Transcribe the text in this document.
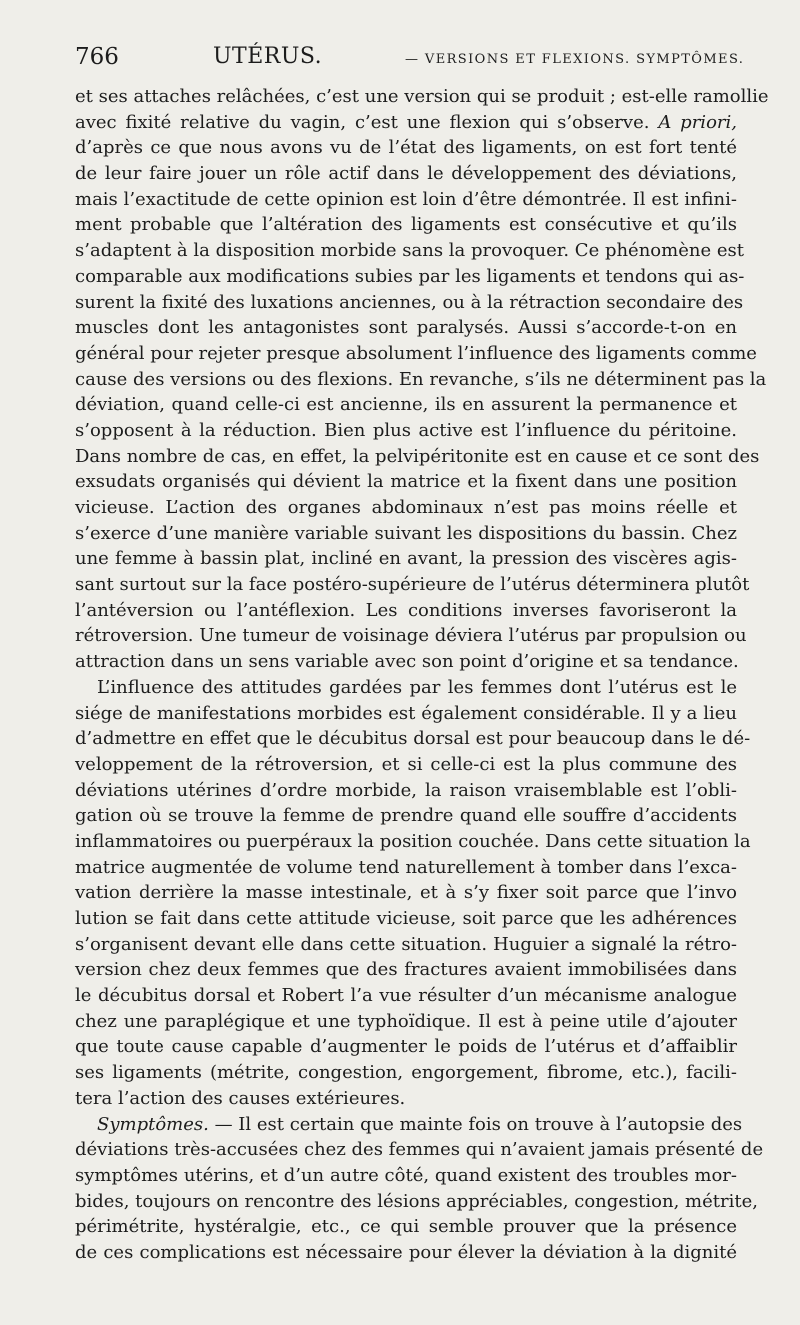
766	UTÉRUS.	— VERSIONS ET FLEXIONS. SYMPTÔMES.
et ses attaches relâchées, c’est une version qui se produit ; est-elle ramollie
avec fixité relative du vagin, c’est une flexion qui s’observe. A priori,
d’après ce que nous avons vu de l’état des ligaments, on est fort tenté
de leur faire jouer un rôle actif dans le développement des déviations,
mais l’exactitude de cette opinion est loin d’être démontrée. Il est infini-
ment probable que l’altération des ligaments est consécutive et qu’ils
s’adaptent à la disposition morbide sans la provoquer. Ce phénomène est
comparable aux modifications subies par les ligaments et tendons qui as-
surent la fixité des luxations anciennes, ou à la rétraction secondaire des
muscles dont les antagonistes sont paralysés. Aussi s’accorde-t-on en
général pour rejeter presque absolument l’influence des ligaments comme
cause des versions ou des flexions. En revanche, s’ils ne déterminent pas la
déviation, quand celle-ci est ancienne, ils en assurent la permanence et
s’opposent à la réduction. Bien plus active est l’influence du péritoine.
Dans nombre de cas, en effet, la pelvipéritonite est en cause et ce sont des
exsudats organisés qui dévient la matrice et la fixent dans une position
vicieuse. L’action des organes abdominaux n’est pas moins réelle et
s’exerce d’une manière variable suivant les dispositions du bassin. Chez
une femme à bassin plat, incliné en avant, la pression des viscères agis-
sant surtout sur la face postéro-supérieure de l’utérus déterminera plutôt
l’antéversion ou l’antéflexion. Les conditions inverses favoriseront la
rétroversion. Une tumeur de voisinage déviera l’utérus par propulsion ou
attraction dans un sens variable avec son point d’origine et sa tendance.
L’influence des attitudes gardées par les femmes dont l’utérus est le
siége de manifestations morbides est également considérable. Il y a lieu
d’admettre en effet que le décubitus dorsal est pour beaucoup dans le dé-
veloppement de la rétroversion, et si celle-ci est la plus commune des
déviations utérines d’ordre morbide, la raison vraisemblable est l’obli-
gation où se trouve la femme de prendre quand elle souffre d’accidents
inflammatoires ou puerpéraux la position couchée. Dans cette situation la
matrice augmentée de volume tend naturellement à tomber dans l’exca-
vation derrière la masse intestinale, et à s’y fixer soit parce que l’invo
lution se fait dans cette attitude vicieuse, soit parce que les adhérences
s’organisent devant elle dans cette situation. Huguier a signalé la rétro-
version chez deux femmes que des fractures avaient immobilisées dans
le décubitus dorsal et Robert l’a vue résulter d’un mécanisme analogue
chez une paraplégique et une typhoïdique. Il est à peine utile d’ajouter
que toute cause capable d’augmenter le poids de l’utérus et d’affaiblir
ses ligaments (métrite, congestion, engorgement, fibrome, etc.), facili-
tera l’action des causes extérieures.
Symptômes. — Il est certain que mainte fois on trouve à l’autopsie des
déviations très-accusées chez des femmes qui n’avaient jamais présenté de
symptômes utérins, et d’un autre côté, quand existent des troubles mor-
bides, toujours on rencontre des lésions appréciables, congestion, métrite,
périmétrite, hystéralgie, etc., ce qui semble prouver que la présence
de ces complications est nécessaire pour élever la déviation à la dignité
